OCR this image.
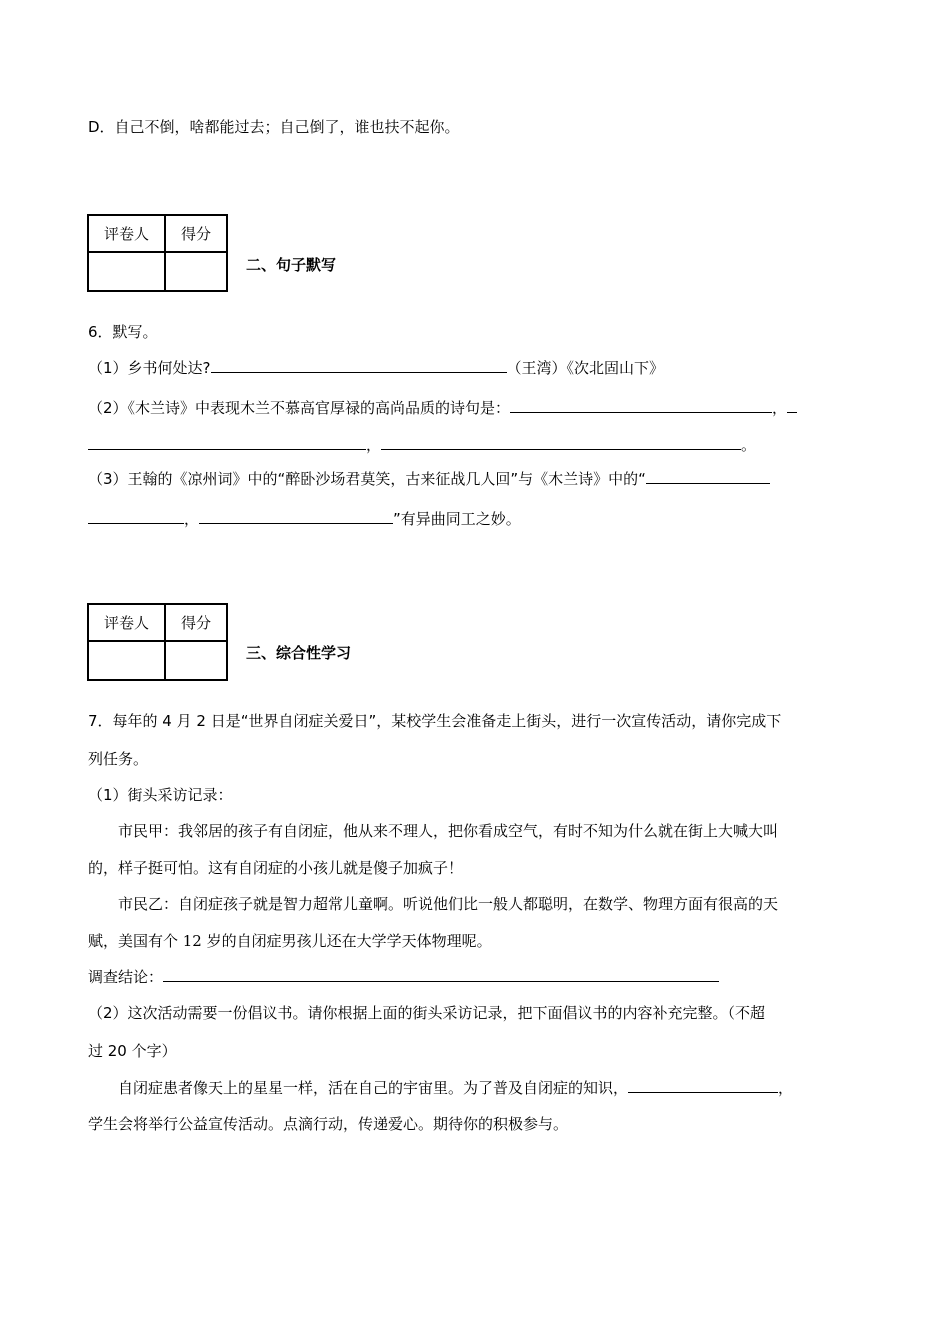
D．自己不倒，啥都能过去；自己倒了，谁也扶不起你。
评卷人	得分

二、句子默写
6．默写。
（1）乡书何处达?	（王湾）《次北固山下》
（2）《木兰诗》中表现木兰不慕高官厚禄的高尚品质的诗句是：	，
，	。
（3）王翰的《凉州词》中的“醉卧沙场君莫笑，古来征战几人回”与《木兰诗》中的“
，	”有异曲同工之妙。
评卷人	得分

三、综合性学习
7．每年的 4 月 2 日是“世界自闭症关爱日”，某校学生会准备走上街头，进行一次宣传活动，请你完成下
列任务。
（1）街头采访记录：
市民甲：我邻居的孩子有自闭症，他从来不理人，把你看成空气，有时不知为什么就在街上大喊大叫
的，样子挺可怕。这有自闭症的小孩儿就是傻子加疯子！
市民乙：自闭症孩子就是智力超常儿童啊。听说他们比一般人都聪明，在数学、物理方面有很高的天
赋，美国有个 12 岁的自闭症男孩儿还在大学学天体物理呢。
调查结论：
（2）这次活动需要一份倡议书。请你根据上面的街头采访记录，把下面倡议书的内容补充完整。（不超
过 20 个字）
自闭症患者像天上的星星一样，活在自己的宇宙里。为了普及自闭症的知识，	，
学生会将举行公益宣传活动。点滴行动，传递爱心。期待你的积极参与。
